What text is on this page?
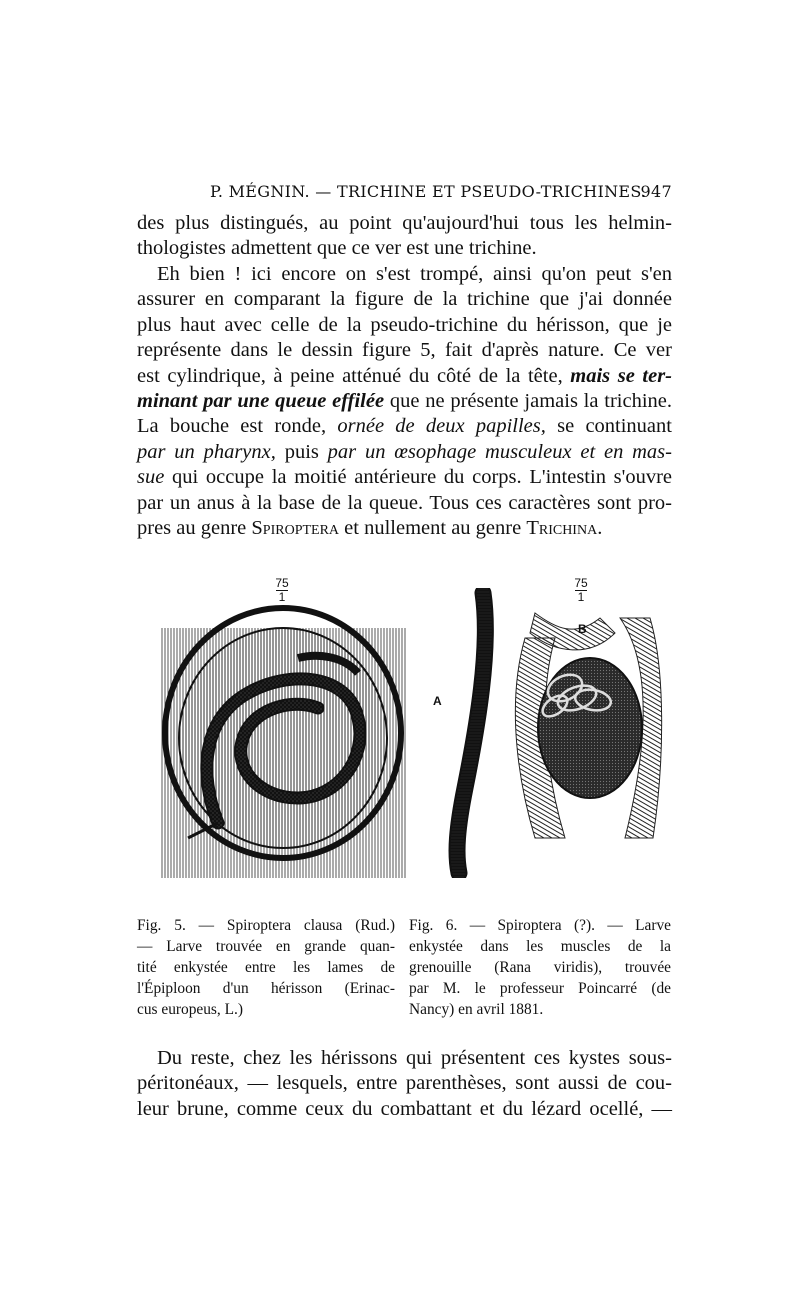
P. MÉGNIN. — TRICHINE ET PSEUDO-TRICHINES.
947

des plus distingués, au point qu'aujourd'hui tous les helmin-
thologistes admettent que ce ver est une trichine.

Eh bien ! ici encore on s'est trompé, ainsi qu'on peut s'en
assurer en comparant la figure de la trichine que j'ai donnée
plus haut avec celle de la pseudo-trichine du hérisson, que je
représente dans le dessin figure 5, fait d'après nature. Ce ver
est cylindrique, à peine atténué du côté de la tête, mais se ter-
minant par une queue effilée que ne présente jamais la trichine.
La bouche est ronde, ornée de deux papilles, se continuant
par un pharynx, puis par un œsophage musculeux et en mas-
sue qui occupe la moitié antérieure du corps. L'intestin s'ouvre
par un anus à la base de la queue. Tous ces caractères sont pro-
pres au genre Spiroptera et nullement au genre Trichina.

75
1
75
1
A
B

Fig. 5. — Spiroptera clausa (Rud.)
— Larve trouvée en grande quan-
tité enkystée entre les lames de
l'Épiploon d'un hérisson (Erinac-
cus europeus, L.)

Fig. 6. — Spiroptera (?). — Larve
enkystée dans les muscles de la
grenouille (Rana viridis), trouvée
par M. le professeur Poincarré (de
Nancy) en avril 1881.

Du reste, chez les hérissons qui présentent ces kystes sous-
péritonéaux, — lesquels, entre parenthèses, sont aussi de cou-
leur brune, comme ceux du combattant et du lézard ocellé, —
